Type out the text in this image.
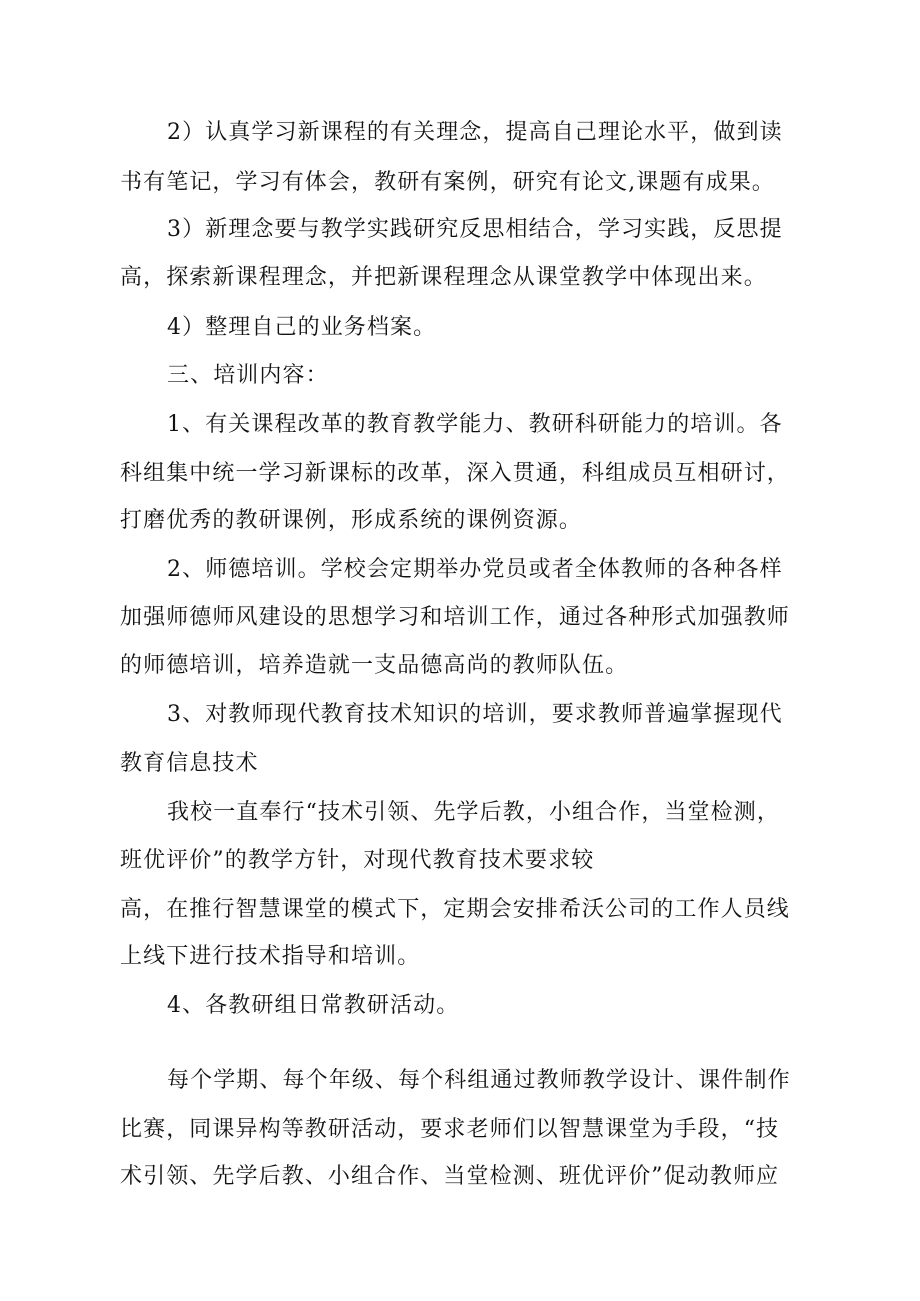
2）认真学习新课程的有关理念，提高自己理论水平，做到读
书有笔记，学习有体会，教研有案例，研究有论文,课题有成果。
3）新理念要与教学实践研究反思相结合，学习实践，反思提
高，探索新课程理念，并把新课程理念从课堂教学中体现出来。
4）整理自己的业务档案。
三、培训内容：
1、有关课程改革的教育教学能力、教研科研能力的培训。各
科组集中统一学习新课标的改革，深入贯通，科组成员互相研讨，
打磨优秀的教研课例，形成系统的课例资源。
2、师德培训。学校会定期举办党员或者全体教师的各种各样
加强师德师风建设的思想学习和培训工作，通过各种形式加强教师
的师德培训，培养造就一支品德高尚的教师队伍。
3、对教师现代教育技术知识的培训，要求教师普遍掌握现代
教育信息技术
我校一直奉行“技术引领、先学后教，小组合作，当堂检测，
班优评价”的教学方针，对现代教育技术要求较
高，在推行智慧课堂的模式下，定期会安排希沃公司的工作人员线
上线下进行技术指导和培训。
4、各教研组日常教研活动。
每个学期、每个年级、每个科组通过教师教学设计、课件制作
比赛，同课异构等教研活动，要求老师们以智慧课堂为手段，“技
术引领、先学后教、小组合作、当堂检测、班优评价”促动教师应
